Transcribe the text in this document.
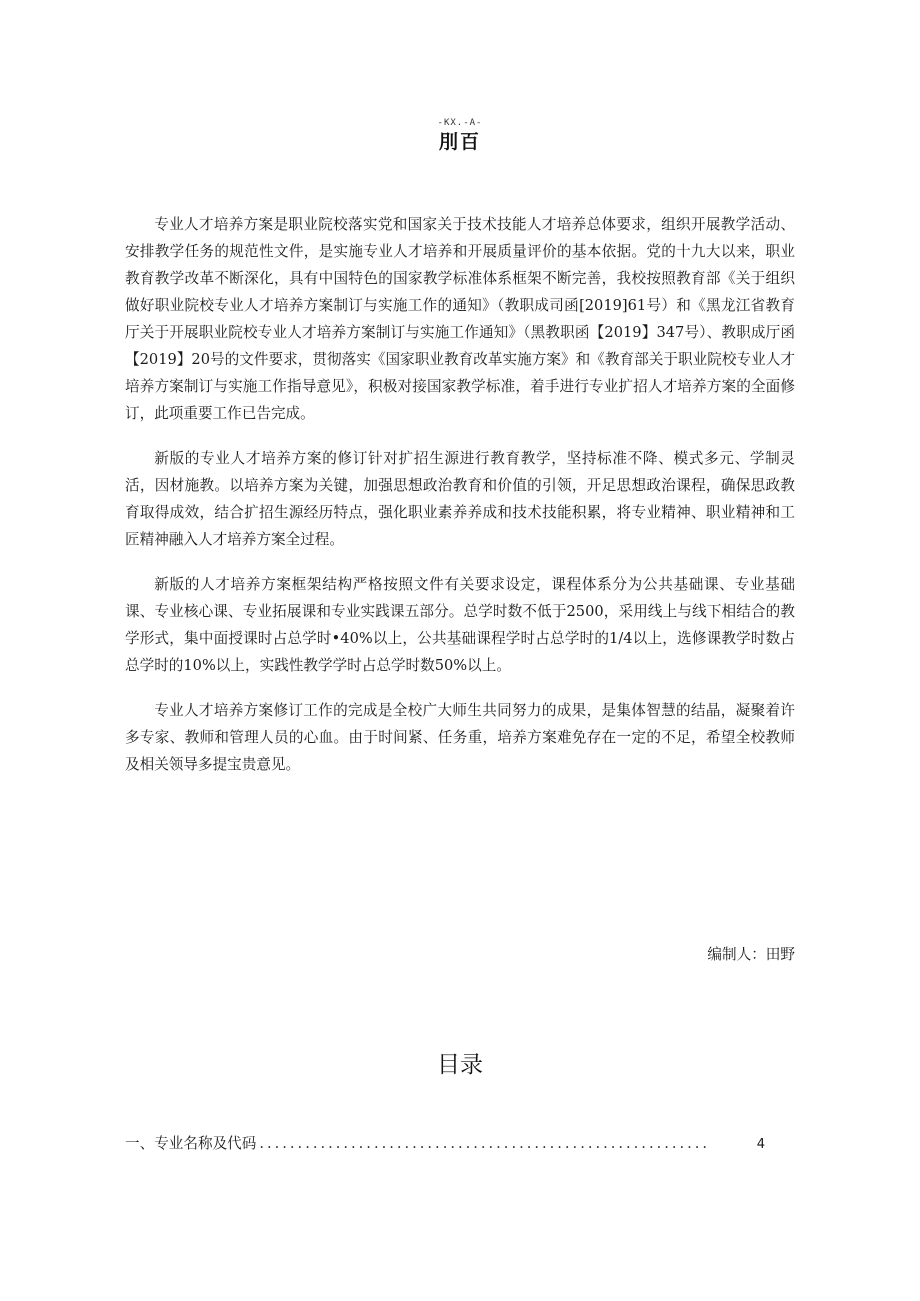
-KX.-A-
刖百

专业人才培养方案是职业院校落实党和国家关于技术技能人才培养总体要求，组织开展教学活动、安排教学任务的规范性文件，是实施专业人才培养和开展质量评价的基本依据。党的十九大以来，职业教育教学改革不断深化，具有中国特色的国家教学标准体系框架不断完善，我校按照教育部《关于组织做好职业院校专业人才培养方案制订与实施工作的通知》（教职成司函[2019]61号）和《黑龙江省教育厅关于开展职业院校专业人才培养方案制订与实施工作通知》（黑教职函【2019】347号）、教职成厅函【2019】20号的文件要求，贯彻落实《国家职业教育改革实施方案》和《教育部关于职业院校专业人才培养方案制订与实施工作指导意见》，积极对接国家教学标准，着手进行专业扩招人才培养方案的全面修订，此项重要工作已告完成。

新版的专业人才培养方案的修订针对扩招生源进行教育教学，坚持标准不降、模式多元、学制灵活，因材施教。以培养方案为关键，加强思想政治教育和价值的引领，开足思想政治课程，确保思政教育取得成效，结合扩招生源经历特点，强化职业素养养成和技术技能积累，将专业精神、职业精神和工匠精神融入人才培养方案全过程。

新版的人才培养方案框架结构严格按照文件有关要求设定，课程体系分为公共基础课、专业基础课、专业核心课、专业拓展课和专业实践课五部分。总学时数不低于2500，采用线上与线下相结合的教学形式，集中面授课时占总学时•40%以上，公共基础课程学时占总学时的1/4以上，选修课教学时数占总学时的10%以上，实践性教学学时占总学时数50%以上。

专业人才培养方案修订工作的完成是全校广大师生共同努力的成果，是集体智慧的结晶，凝聚着许多专家、教师和管理人员的心血。由于时间紧、任务重，培养方案难免存在一定的不足，希望全校教师及相关领导多提宝贵意见。

编制人：田野
目录
一、专业名称及代码 ...........................................................	4
